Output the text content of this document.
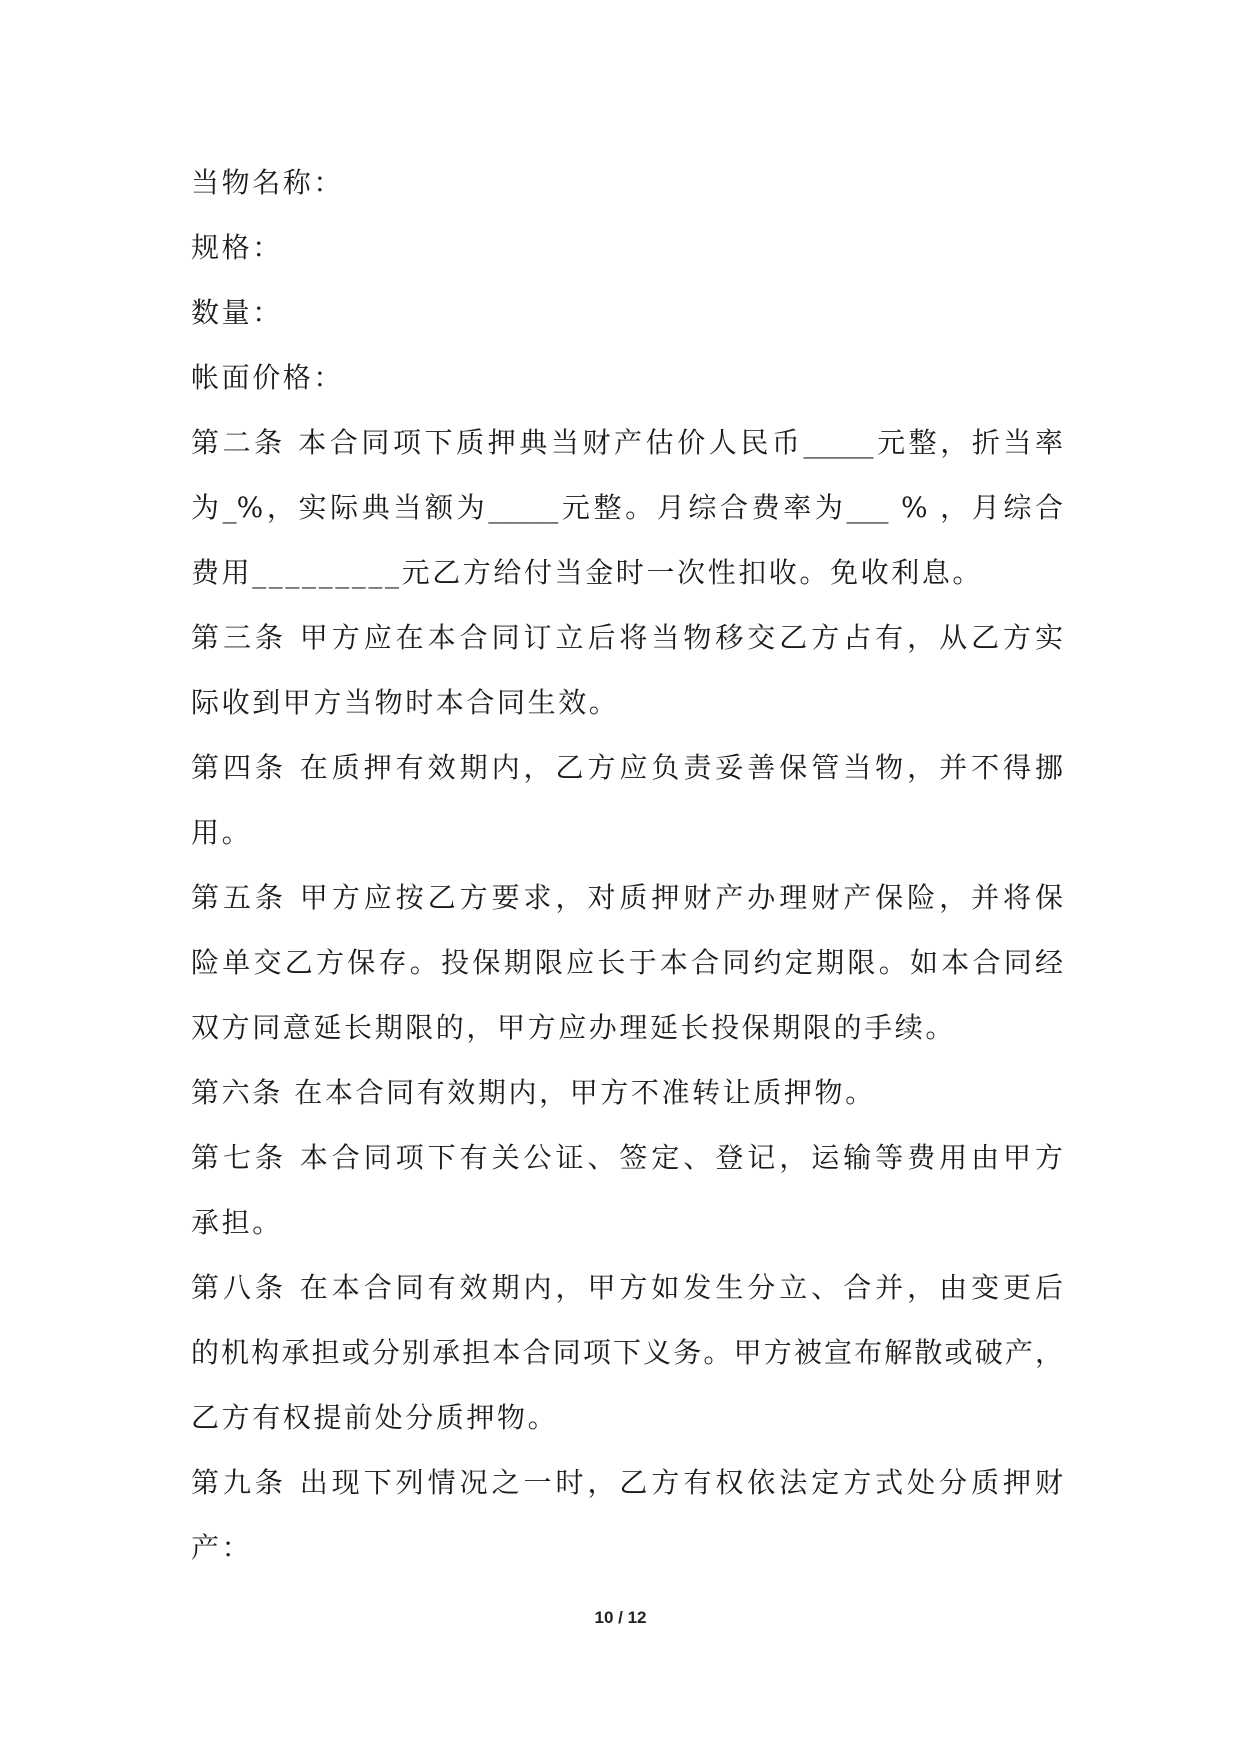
当物名称：
规格：
数量：
帐面价格：
第二条 本合同项下质押典当财产估价人民币_____元整，折当率
为_%，实际典当额为_____元整。月综合费率为___ % ，月综合
费用_________元乙方给付当金时一次性扣收。免收利息。
第三条 甲方应在本合同订立后将当物移交乙方占有，从乙方实
际收到甲方当物时本合同生效。
第四条 在质押有效期内，乙方应负责妥善保管当物，并不得挪
用。
第五条 甲方应按乙方要求，对质押财产办理财产保险，并将保
险单交乙方保存。投保期限应长于本合同约定期限。如本合同经
双方同意延长期限的，甲方应办理延长投保期限的手续。
第六条 在本合同有效期内，甲方不准转让质押物。
第七条 本合同项下有关公证、签定、登记，运输等费用由甲方
承担。
第八条 在本合同有效期内，甲方如发生分立、合并，由变更后
的机构承担或分别承担本合同项下义务。甲方被宣布解散或破产，
乙方有权提前处分质押物。
第九条 出现下列情况之一时，乙方有权依法定方式处分质押财
产：
10 / 12
